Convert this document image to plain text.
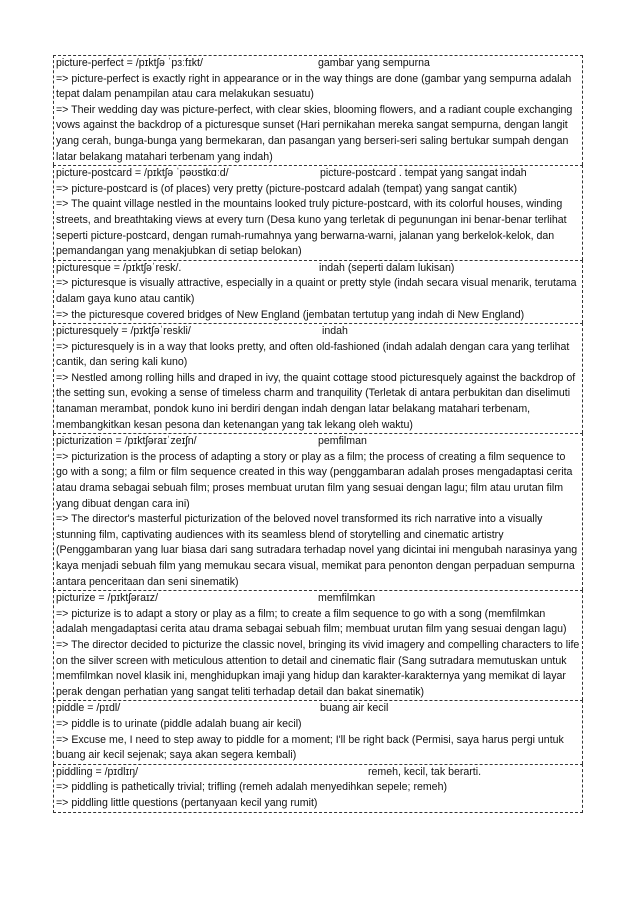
picture-perfect = /pɪktʃə ˈpɜːfɪkt/	gambar yang sempurna
=> picture-perfect is exactly right in appearance or in the way things are done (gambar yang sempurna adalah tepat dalam penampilan atau cara melakukan sesuatu)
=> Their wedding day was picture-perfect, with clear skies, blooming flowers, and a radiant couple exchanging vows against the backdrop of a picturesque sunset (Hari pernikahan mereka sangat sempurna, dengan langit yang cerah, bunga-bunga yang bermekaran, dan pasangan yang berseri-seri saling bertukar sumpah dengan latar belakang matahari terbenam yang indah)
picture-postcard = /pɪktʃə ˈpəʊstkɑːd/	picture-postcard . tempat yang sangat indah
=> picture-postcard is (of places) very pretty (picture-postcard adalah (tempat) yang sangat cantik)
=> The quaint village nestled in the mountains looked truly picture-postcard, with its colorful houses, winding streets, and breathtaking views at every turn (Desa kuno yang terletak di pegunungan ini benar-benar terlihat seperti picture-postcard, dengan rumah-rumahnya yang berwarna-warni, jalanan yang berkelok-kelok, dan pemandangan yang menakjubkan di setiap belokan)
picturesque = /pɪktʃəˈresk/.	indah (seperti dalam lukisan)
=> picturesque is visually attractive, especially in a quaint or pretty style (indah secara visual menarik, terutama dalam gaya kuno atau cantik)
=> the picturesque covered bridges of New England (jembatan tertutup yang indah di New England)
picturesquely = /pɪktʃəˈreskli/	indah
=> picturesquely is in a way that looks pretty, and often old-fashioned (indah adalah dengan cara yang terlihat cantik, dan sering kali kuno)
=> Nestled among rolling hills and draped in ivy, the quaint cottage stood picturesquely against the backdrop of the setting sun, evoking a sense of timeless charm and tranquility (Terletak di antara perbukitan dan diselimuti tanaman merambat, pondok kuno ini berdiri dengan indah dengan latar belakang matahari terbenam, membangkitkan kesan pesona dan ketenangan yang tak lekang oleh waktu)
picturization = /pɪktʃəraɪˈzeɪʃn/	pemfilman
=> picturization is the process of adapting a story or play as a film; the process of creating a film sequence to go with a song; a film or film sequence created in this way (penggambaran adalah proses mengadaptasi cerita atau drama sebagai sebuah film; proses membuat urutan film yang sesuai dengan lagu; film atau urutan film yang dibuat dengan cara ini)
=> The director's masterful picturization of the beloved novel transformed its rich narrative into a visually stunning film, captivating audiences with its seamless blend of storytelling and cinematic artistry (Penggambaran yang luar biasa dari sang sutradara terhadap novel yang dicintai ini mengubah narasinya yang kaya menjadi sebuah film yang memukau secara visual, memikat para penonton dengan perpaduan sempurna antara penceritaan dan seni sinematik)
picturize = /pɪktʃəraɪz/	memfilmkan
=> picturize is to adapt a story or play as a film; to create a film sequence to go with a song (memfilmkan adalah mengadaptasi cerita atau drama sebagai sebuah film; membuat urutan film yang sesuai dengan lagu)
=> The director decided to picturize the classic novel, bringing its vivid imagery and compelling characters to life on the silver screen with meticulous attention to detail and cinematic flair (Sang sutradara memutuskan untuk memfilmkan novel klasik ini, menghidupkan imaji yang hidup dan karakter-karakternya yang memikat di layar perak dengan perhatian yang sangat teliti terhadap detail dan bakat sinematik)
piddle = /pɪdl/	buang air kecil
=> piddle is to urinate (piddle adalah buang air kecil)
=> Excuse me, I need to step away to piddle for a moment; I'll be right back (Permisi, saya harus pergi untuk buang air kecil sejenak; saya akan segera kembali)
piddling = /pɪdlɪŋ/	remeh, kecil, tak berarti.
=> piddling is pathetically trivial; trifling (remeh adalah menyedihkan sepele; remeh)
=> piddling little questions (pertanyaan kecil yang rumit)
